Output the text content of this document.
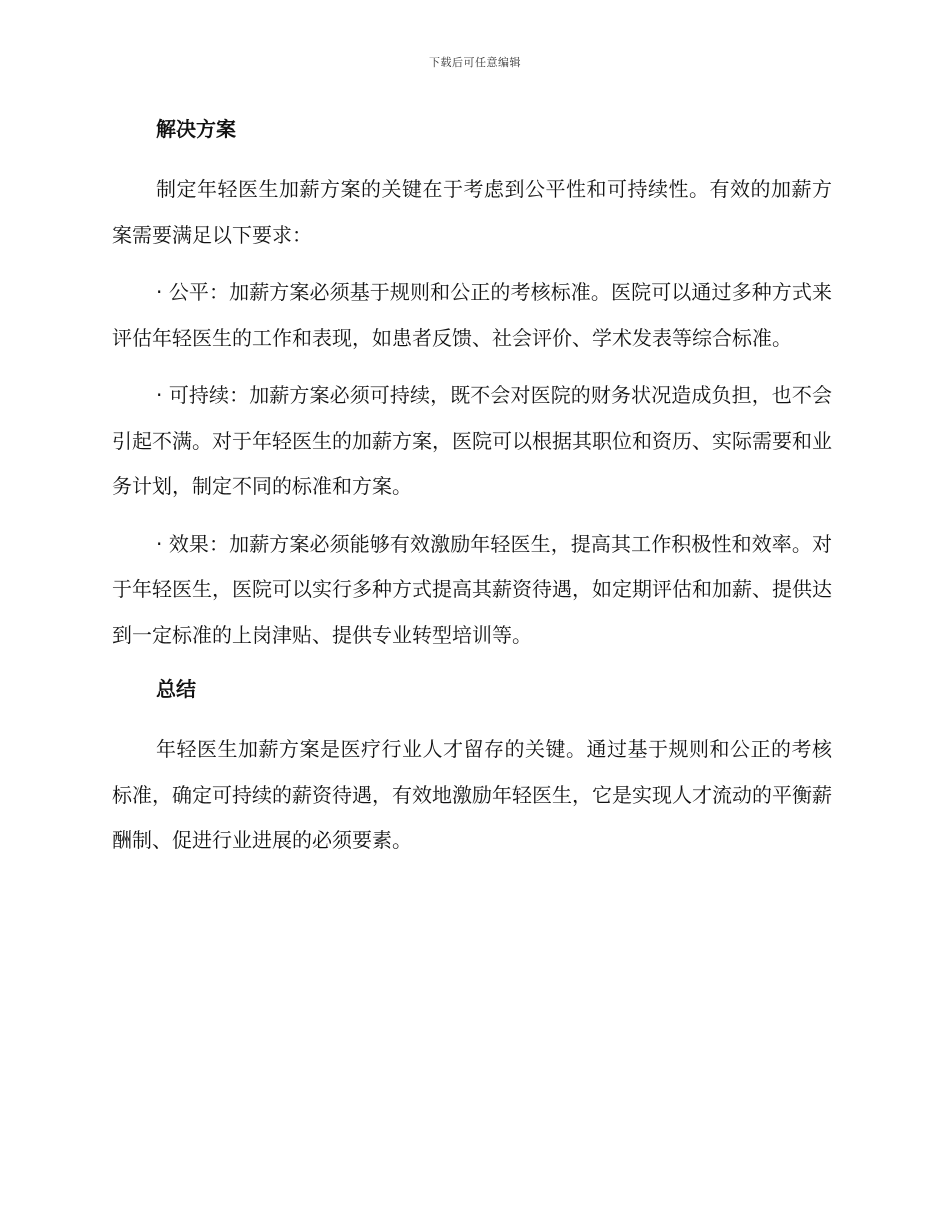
下载后可任意编辑
解决方案

制定年轻医生加薪方案的关键在于考虑到公平性和可持续性。有效的加薪方案需要满足以下要求：

· 公平：加薪方案必须基于规则和公正的考核标准。医院可以通过多种方式来评估年轻医生的工作和表现，如患者反馈、社会评价、学术发表等综合标准。

· 可持续：加薪方案必须可持续，既不会对医院的财务状况造成负担，也不会引起不满。对于年轻医生的加薪方案，医院可以根据其职位和资历、实际需要和业务计划，制定不同的标准和方案。

· 效果：加薪方案必须能够有效激励年轻医生，提高其工作积极性和效率。对于年轻医生，医院可以实行多种方式提高其薪资待遇，如定期评估和加薪、提供达到一定标准的上岗津贴、提供专业转型培训等。

总结

年轻医生加薪方案是医疗行业人才留存的关键。通过基于规则和公正的考核标准，确定可持续的薪资待遇，有效地激励年轻医生，它是实现人才流动的平衡薪酬制、促进行业进展的必须要素。
